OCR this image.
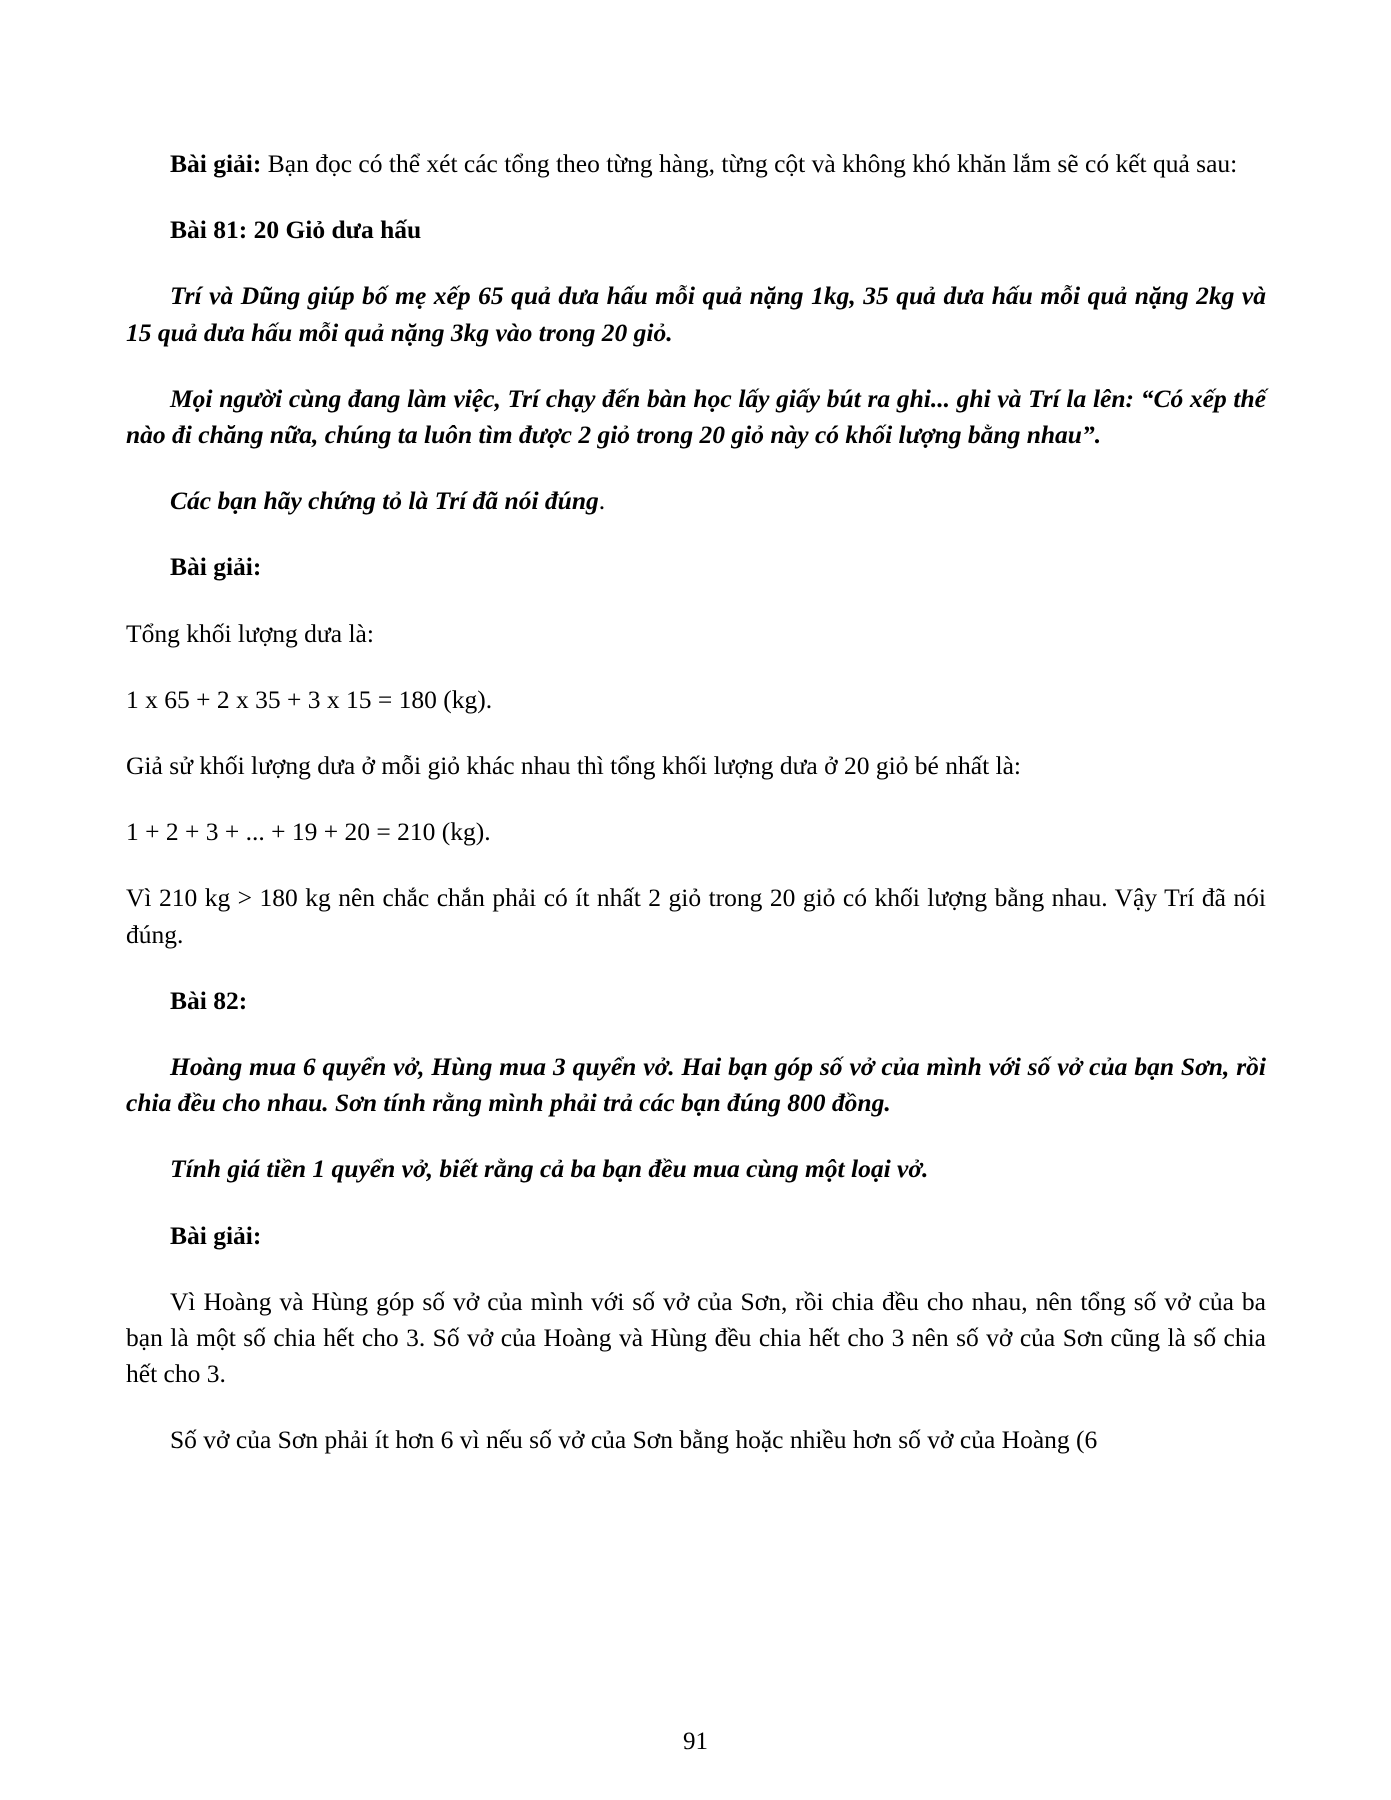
Bài giải: Bạn đọc có thể xét các tổng theo từng hàng, từng cột và không khó khăn lắm sẽ có kết quả sau:

Bài 81: 20 Giỏ dưa hấu

Trí và Dũng giúp bố mẹ xếp 65 quả dưa hấu mỗi quả nặng 1kg, 35 quả dưa hấu mỗi quả nặng 2kg và 15 quả dưa hấu mỗi quả nặng 3kg vào trong 20 giỏ.

Mọi người cùng đang làm việc, Trí chạy đến bàn học lấy giấy bút ra ghi... ghi và Trí la lên: “Có xếp thế nào đi chăng nữa, chúng ta luôn tìm được 2 giỏ trong 20 giỏ này có khối lượng bằng nhau”.

Các bạn hãy chứng tỏ là Trí đã nói đúng.

Bài giải:

Tổng khối lượng dưa là:

1 x 65 + 2 x 35 + 3 x 15 = 180 (kg).

Giả sử khối lượng dưa ở mỗi giỏ khác nhau thì tổng khối lượng dưa ở 20 giỏ bé nhất là:

1 + 2 + 3 + ... + 19 + 20 = 210 (kg).

Vì 210 kg > 180 kg nên chắc chắn phải có ít nhất 2 giỏ trong 20 giỏ có khối lượng bằng nhau. Vậy Trí đã nói đúng.

Bài 82:

Hoàng mua 6 quyển vở, Hùng mua 3 quyển vở. Hai bạn góp số vở của mình với số vở của bạn Sơn, rồi chia đều cho nhau. Sơn tính rằng mình phải trả các bạn đúng 800 đồng.

Tính giá tiền 1 quyển vở, biết rằng cả ba bạn đều mua cùng một loại vở.

Bài giải:

Vì Hoàng và Hùng góp số vở của mình với số vở của Sơn, rồi chia đều cho nhau, nên tổng số vở của ba bạn là một số chia hết cho 3. Số vở của Hoàng và Hùng đều chia hết cho 3 nên số vở của Sơn cũng là số chia hết cho 3.

Số vở của Sơn phải ít hơn 6 vì nếu số vở của Sơn bằng hoặc nhiều hơn số vở của Hoàng (6

91
